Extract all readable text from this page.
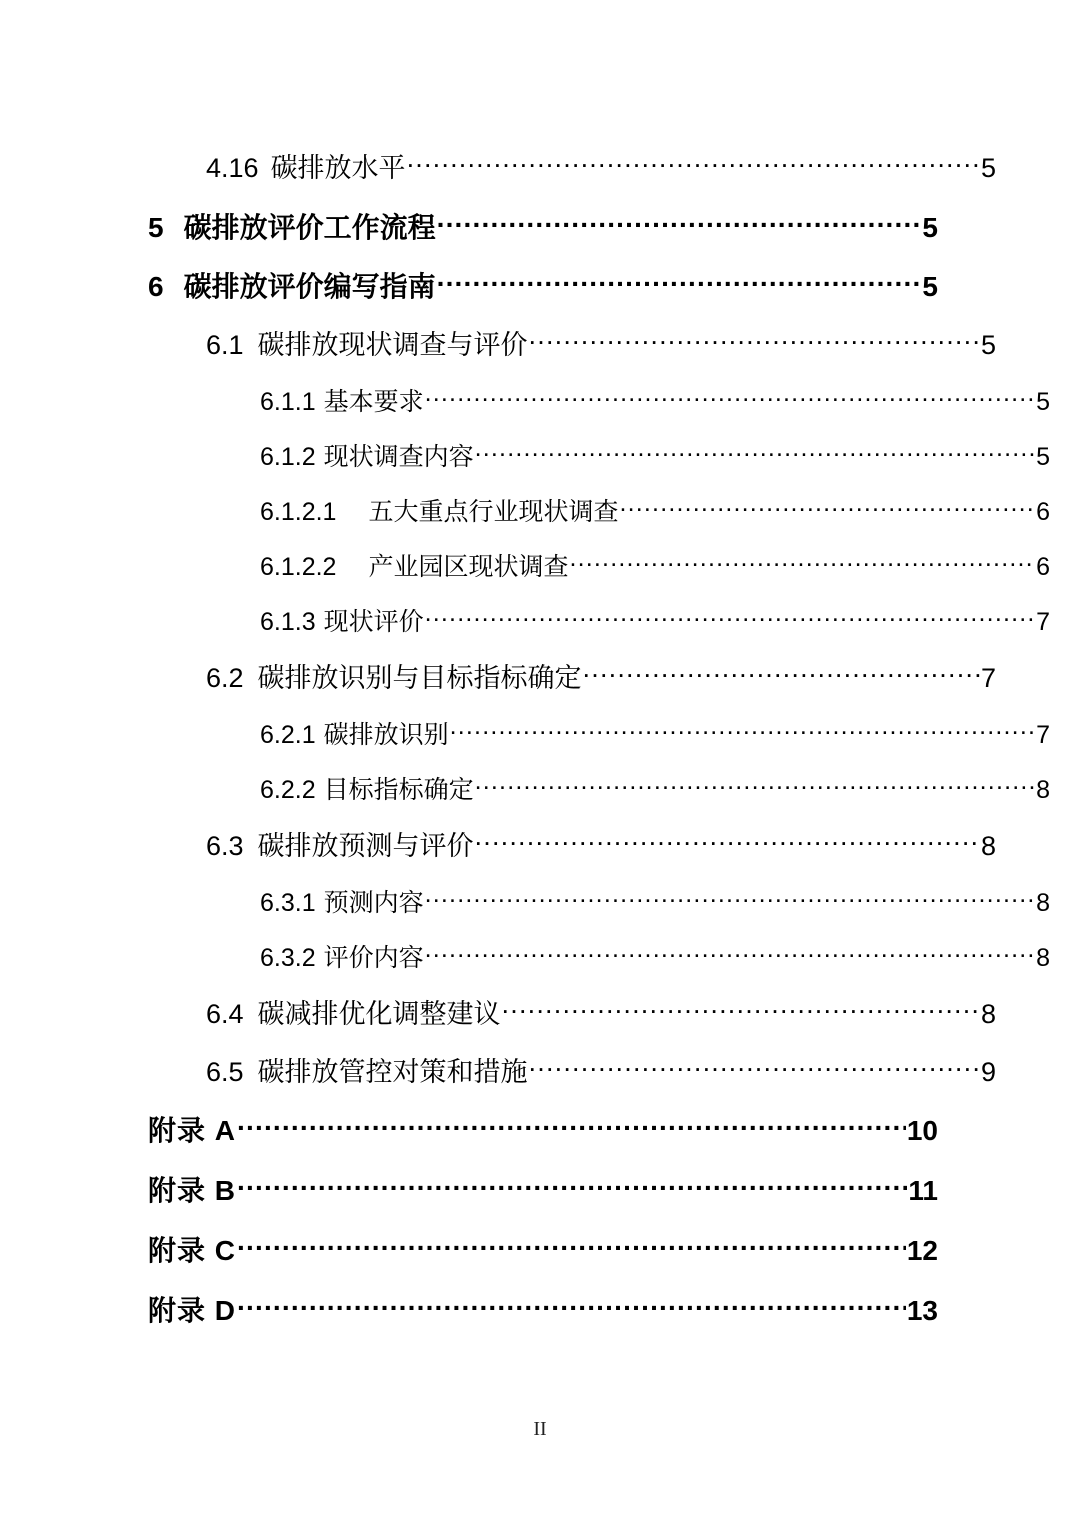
4.16 碳排放水平 .....	5
5 碳排放评价工作流程 .....	5
6 碳排放评价编写指南 .....	5
6.1 碳排放现状调查与评价 .....	5
6.1.1 基本要求 .....	5
6.1.2 现状调查内容 .....	5
6.1.2.1 五大重点行业现状调查 .....	6
6.1.2.2 产业园区现状调查 .....	6
6.1.3 现状评价 .....	7
6.2 碳排放识别与目标指标确定 .....	7
6.2.1 碳排放识别 .....	7
6.2.2 目标指标确定 .....	8
6.3 碳排放预测与评价 .....	8
6.3.1 预测内容 .....	8
6.3.2 评价内容 .....	8
6.4 碳减排优化调整建议 .....	8
6.5 碳排放管控对策和措施 .....	9
附录 A .....	10
附录 B .....	11
附录 C .....	12
附录 D .....	13
II
